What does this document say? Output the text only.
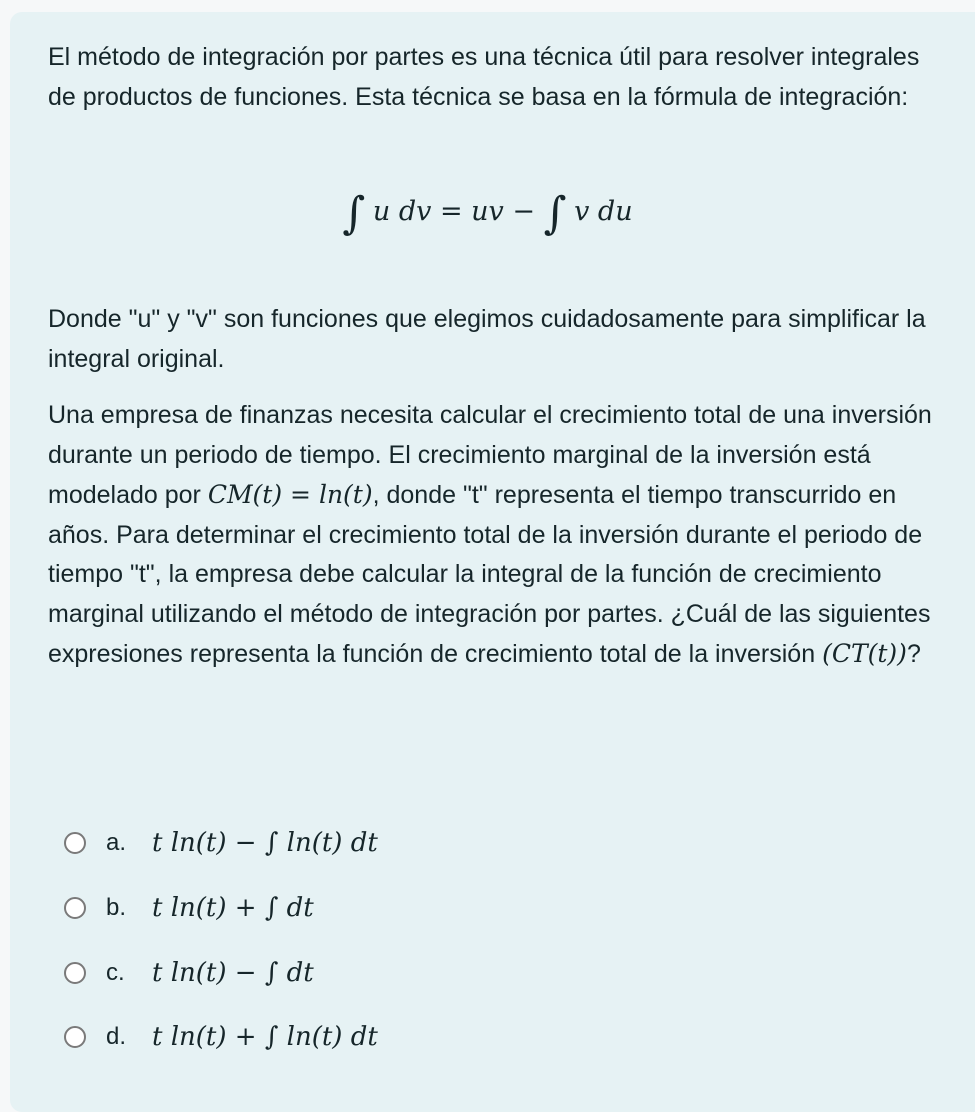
El método de integración por partes es una técnica útil para resolver integrales de productos de funciones. Esta técnica se basa en la fórmula de integración:
∫ u dv = uv − ∫ v du
Donde "u" y "v" son funciones que elegimos cuidadosamente para simplificar la integral original.
Una empresa de finanzas necesita calcular el crecimiento total de una inversión durante un periodo de tiempo. El crecimiento marginal de la inversión está modelado por CM(t) = ln(t), donde "t" representa el tiempo transcurrido en años. Para determinar el crecimiento total de la inversión durante el periodo de tiempo "t", la empresa debe calcular la integral de la función de crecimiento marginal utilizando el método de integración por partes. ¿Cuál de las siguientes expresiones representa la función de crecimiento total de la inversión (CT(t))?
a. t ln(t) − ∫ ln(t) dt
b. t ln(t) + ∫ dt
c.	t ln(t) − ∫ dt
d. t ln(t) + ∫ ln(t) dt
